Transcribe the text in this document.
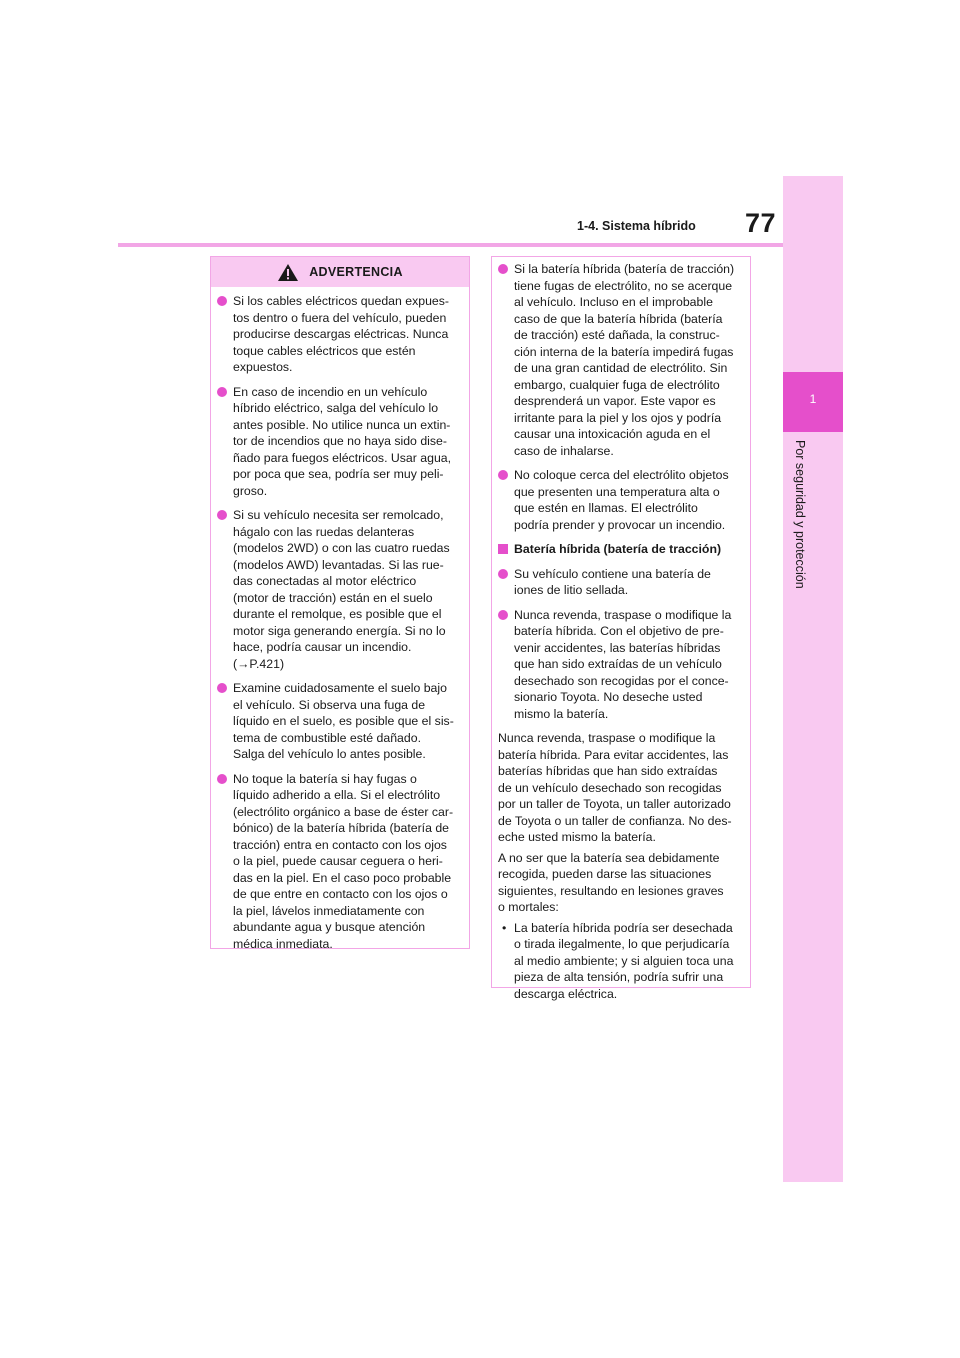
1-4. Sistema híbrido 77
1
Por seguridad y protección
ADVERTENCIA
Si los cables eléctricos quedan expues-
tos dentro o fuera del vehículo, pueden
producirse descargas eléctricas. Nunca
toque cables eléctricos que estén
expuestos.
En caso de incendio en un vehículo
híbrido eléctrico, salga del vehículo lo
antes posible. No utilice nunca un extin-
tor de incendios que no haya sido dise-
ñado para fuegos eléctricos. Usar agua,
por poca que sea, podría ser muy peli-
groso.
Si su vehículo necesita ser remolcado,
hágalo con las ruedas delanteras
(modelos 2WD) o con las cuatro ruedas
(modelos AWD) levantadas. Si las rue-
das conectadas al motor eléctrico
(motor de tracción) están en el suelo
durante el remolque, es posible que el
motor siga generando energía. Si no lo
hace, podría causar un incendio.
(→P.421)
Examine cuidadosamente el suelo bajo
el vehículo. Si observa una fuga de
líquido en el suelo, es posible que el sis-
tema de combustible esté dañado.
Salga del vehículo lo antes posible.
No toque la batería si hay fugas o
líquido adherido a ella. Si el electrólito
(electrólito orgánico a base de éster car-
bónico) de la batería híbrida (batería de
tracción) entra en contacto con los ojos
o la piel, puede causar ceguera o heri-
das en la piel. En el caso poco probable
de que entre en contacto con los ojos o
la piel, lávelos inmediatamente con
abundante agua y busque atención
médica inmediata.
Si la batería híbrida (batería de tracción)
tiene fugas de electrólito, no se acerque
al vehículo. Incluso en el improbable
caso de que la batería híbrida (batería
de tracción) esté dañada, la construc-
ción interna de la batería impedirá fugas
de una gran cantidad de electrólito. Sin
embargo, cualquier fuga de electrólito
desprenderá un vapor. Este vapor es
irritante para la piel y los ojos y podría
causar una intoxicación aguda en el
caso de inhalarse.
No coloque cerca del electrólito objetos
que presenten una temperatura alta o
que estén en llamas. El electrólito
podría prender y provocar un incendio.
Batería híbrida (batería de tracción)
Su vehículo contiene una batería de
iones de litio sellada.
Nunca revenda, traspase o modifique la
batería híbrida. Con el objetivo de pre-
venir accidentes, las baterías híbridas
que han sido extraídas de un vehículo
desechado son recogidas por el conce-
sionario Toyota. No deseche usted
mismo la batería.
Nunca revenda, traspase o modifique la
batería híbrida. Para evitar accidentes, las
baterías híbridas que han sido extraídas
de un vehículo desechado son recogidas
por un taller de Toyota, un taller autorizado
de Toyota o un taller de confianza. No des-
eche usted mismo la batería.
A no ser que la batería sea debidamente
recogida, pueden darse las situaciones
siguientes, resultando en lesiones graves
o mortales:
• La batería híbrida podría ser desechada
o tirada ilegalmente, lo que perjudicaría
al medio ambiente; y si alguien toca una
pieza de alta tensión, podría sufrir una
descarga eléctrica.
